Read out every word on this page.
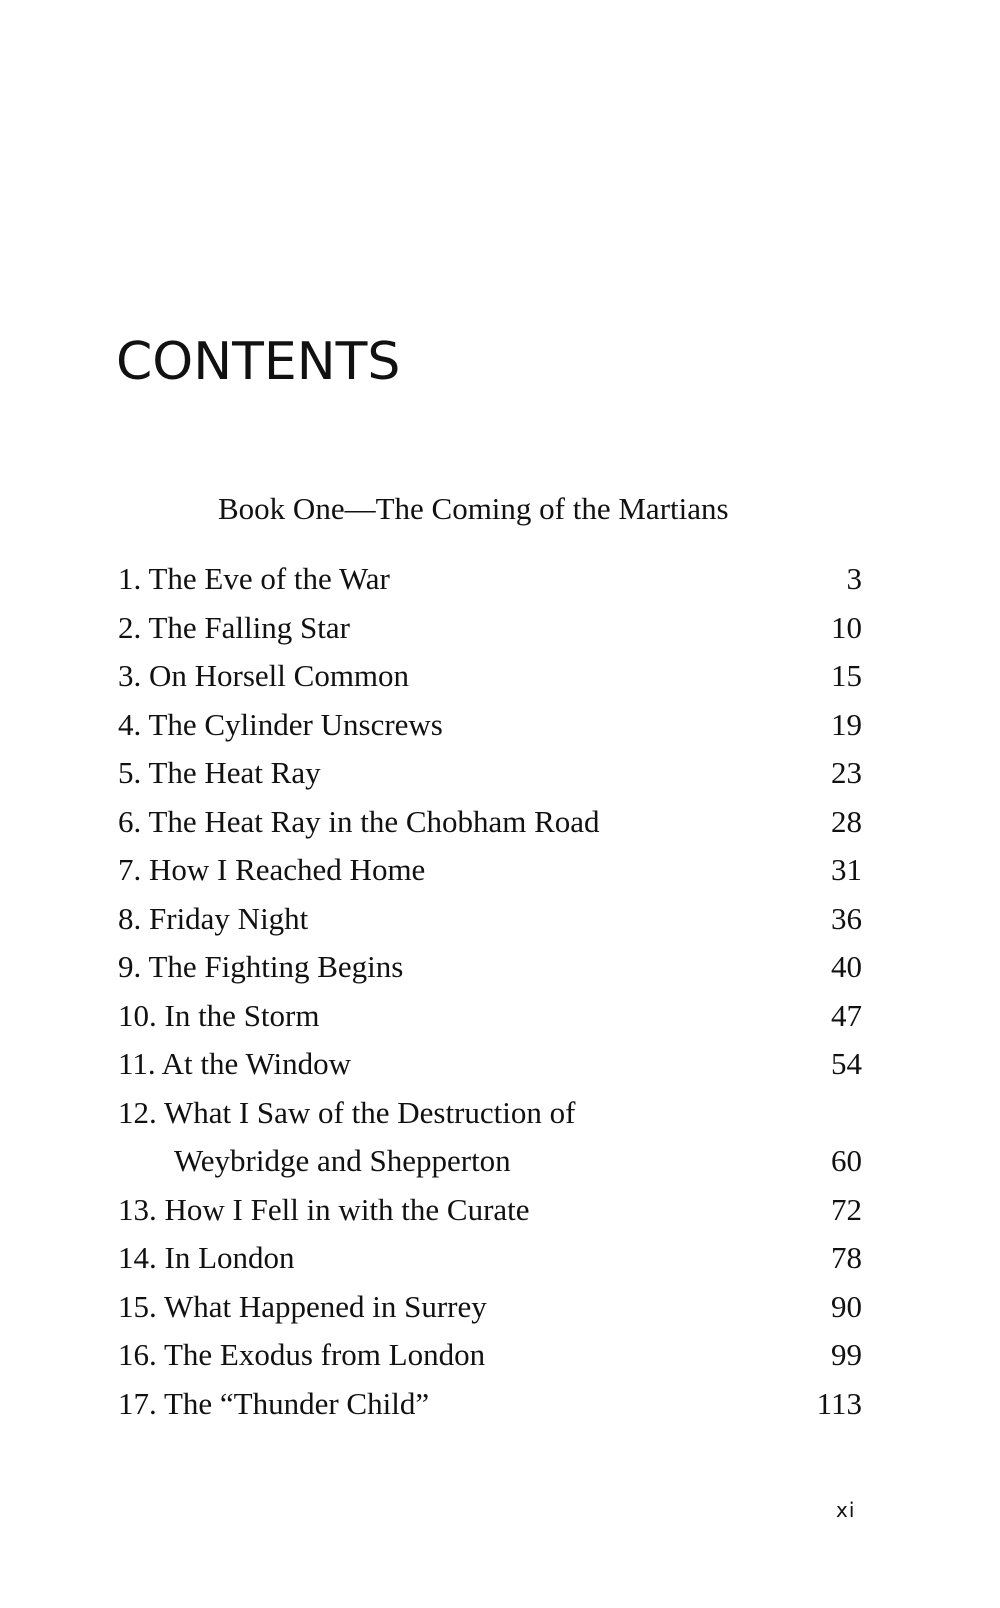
CONTENTS
Book One—The Coming of the Martians
1. The Eve of the War	3
2. The Falling Star	10
3. On Horsell Common	15
4. The Cylinder Unscrews	19
5. The Heat Ray	23
6. The Heat Ray in the Chobham Road	28
7. How I Reached Home	31
8. Friday Night	36
9. The Fighting Begins	40
10. In the Storm	47
11. At the Window	54
12. What I Saw of the Destruction of
Weybridge and Shepperton	60
13. How I Fell in with the Curate	72
14. In London	78
15. What Happened in Surrey	90
16. The Exodus from London	99
17. The “Thunder Child”	113
xi
